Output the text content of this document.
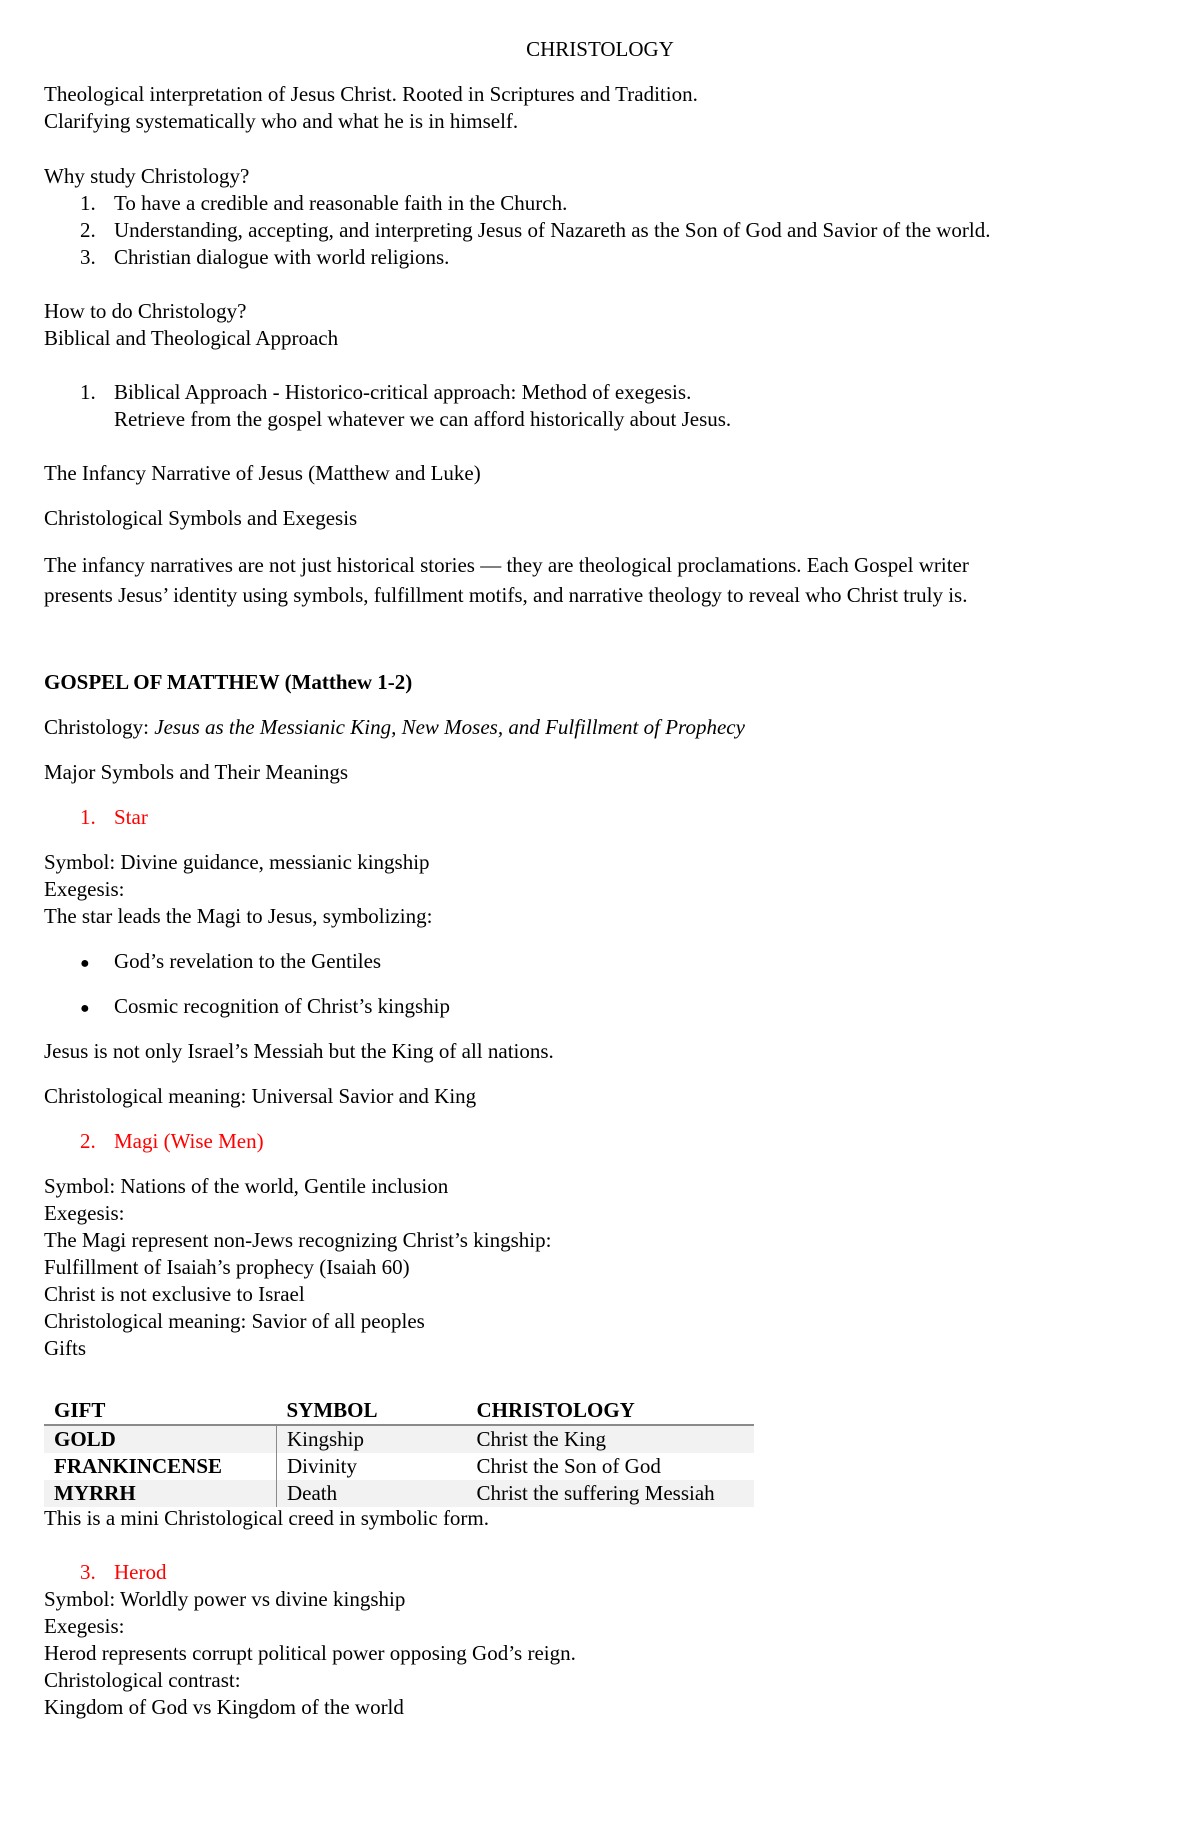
CHRISTOLOGY
Theological interpretation of Jesus Christ. Rooted in Scriptures and Tradition.
Clarifying systematically who and what he is in himself.
Why study Christology?
1. To have a credible and reasonable faith in the Church.
2. Understanding, accepting, and interpreting Jesus of Nazareth as the Son of God and Savior of the world.
3. Christian dialogue with world religions.
How to do Christology?
Biblical and Theological Approach
1. Biblical Approach - Historico-critical approach: Method of exegesis.
Retrieve from the gospel whatever we can afford historically about Jesus.
The Infancy Narrative of Jesus (Matthew and Luke)
Christological Symbols and Exegesis
The infancy narratives are not just historical stories — they are theological proclamations. Each Gospel writer
presents Jesus’ identity using symbols, fulfillment motifs, and narrative theology to reveal who Christ truly is.
GOSPEL OF MATTHEW (Matthew 1-2)
Christology: Jesus as the Messianic King, New Moses, and Fulfillment of Prophecy
Major Symbols and Their Meanings
1. Star
Symbol: Divine guidance, messianic kingship
Exegesis:
The star leads the Magi to Jesus, symbolizing:
● God’s revelation to the Gentiles
● Cosmic recognition of Christ’s kingship
Jesus is not only Israel’s Messiah but the King of all nations.
Christological meaning: Universal Savior and King
2. Magi (Wise Men)
Symbol: Nations of the world, Gentile inclusion
Exegesis:
The Magi represent non-Jews recognizing Christ’s kingship:
Fulfillment of Isaiah’s prophecy (Isaiah 60)
Christ is not exclusive to Israel
Christological meaning: Savior of all peoples
Gifts
GIFT	SYMBOL	CHRISTOLOGY
GOLD	Kingship	Christ the King
FRANKINCENSE	Divinity	Christ the Son of God
MYRRH	Death	Christ the suffering Messiah
This is a mini Christological creed in symbolic form.
3. Herod
Symbol: Worldly power vs divine kingship
Exegesis:
Herod represents corrupt political power opposing God’s reign.
Christological contrast:
Kingdom of God vs Kingdom of the world
